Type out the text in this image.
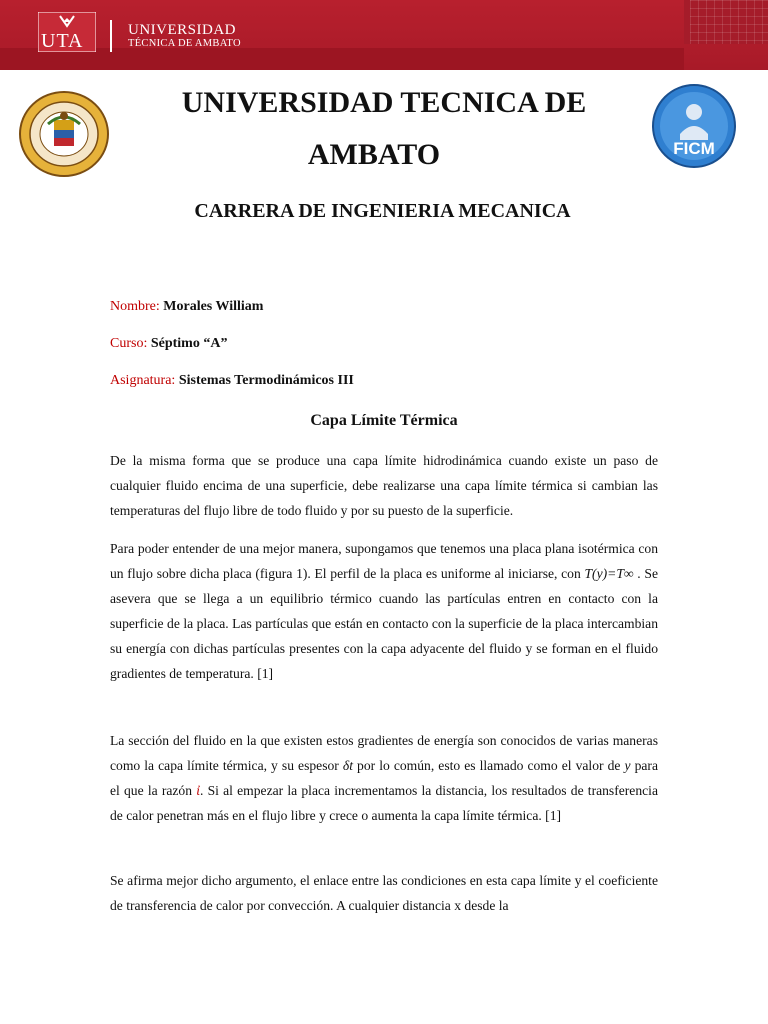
UTA	UNIVERSIDAD
TÉCNICA DE AMBATO
FICM
UNIVERSIDAD TECNICA DE
AMBATO
CARRERA DE INGENIERIA MECANICA
Nombre: Morales William
Curso: Séptimo “A”
Asignatura: Sistemas Termodinámicos III
Capa Límite Térmica
De la misma forma que se produce una capa límite hidrodinámica cuando existe un paso de cualquier fluido encima de una superficie, debe realizarse una capa límite térmica si cambian las temperaturas del flujo libre de todo fluido y por su puesto de la superficie.
Para poder entender de una mejor manera, supongamos que tenemos una placa plana isotérmica con un flujo sobre dicha placa (figura 1). El perfil de la placa es uniforme al iniciarse, con T(y)=T∞ . Se asevera que se llega a un equilibrio térmico cuando las partículas entren en contacto con la superficie de la placa. Las partículas que están en contacto con la superficie de la placa intercambian su energía con dichas partículas presentes con la capa adyacente del fluido y se forman en el fluido gradientes de temperatura. [1]
La sección del fluido en la que existen estos gradientes de energía son conocidos de varias maneras como la capa límite térmica, y su espesor δt por lo común, esto es llamado como el valor de y para el que la razón ἰ. Si al empezar la placa incrementamos la distancia, los resultados de transferencia de calor penetran más en el flujo libre y crece o aumenta la capa límite térmica. [1]
Se afirma mejor dicho argumento, el enlace entre las condiciones en esta capa límite y el coeficiente de transferencia de calor por convección. A cualquier distancia x desde la
